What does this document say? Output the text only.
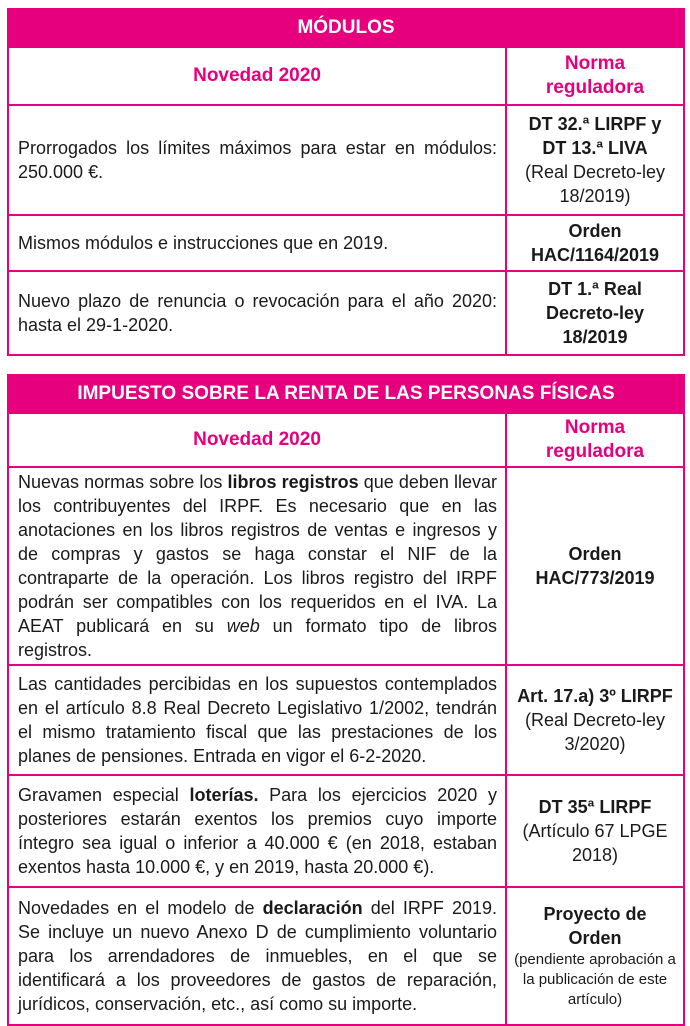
MÓDULOS	
Novedad 2020	Norma reguladora
Prorrogados los límites máximos para estar en módulos: 250.000 €.	DT 32.ª LIRPF y DT 13.ª LIVA
(Real Decreto-ley 18/2019)

Mismos módulos e instrucciones que en 2019.	Orden HAC/1164/2019

Nuevo plazo de renuncia o revocación para el año 2020: hasta el 29-1-2020.	DT 1.ª Real Decreto-ley 18/2019
IMPUESTO SOBRE LA RENTA DE LAS PERSONAS FÍSICAS	
Novedad 2020	Norma reguladora
Nuevas normas sobre los libros registros que deben llevar los contribuyentes del IRPF. Es necesario que en las anotaciones en los libros registros de ventas e ingresos y de compras y gastos se haga constar el NIF de la contraparte de la operación. Los libros registro del IRPF podrán ser compatibles con los requeridos en el IVA. La AEAT publicará en su web un formato tipo de libros registros.	Orden HAC/773/2019

Las cantidades percibidas en los supuestos contemplados en el artículo 8.8 Real Decreto Legislativo 1/2002, tendrán el mismo tratamiento fiscal que las prestaciones de los planes de pensiones. Entrada en vigor el 6-2-2020.	Art. 17.a) 3º LIRPF
(Real Decreto-ley 3/2020)

Gravamen especial loterías. Para los ejercicios 2020 y posteriores estarán exentos los premios cuyo importe íntegro sea igual o inferior a 40.000 € (en 2018, estaban exentos hasta 10.000 €, y en 2019, hasta 20.000 €).	DT 35ª LIRPF
(Artículo 67 LPGE 2018)

Novedades en el modelo de declaración del IRPF 2019. Se incluye un nuevo Anexo D de cumplimiento voluntario para los arrendadores de inmuebles, en el que se identificará a los proveedores de gastos de reparación, jurídicos, conservación, etc., así como su importe.	Proyecto de Orden
(pendiente aprobación a la publicación de este artículo)
